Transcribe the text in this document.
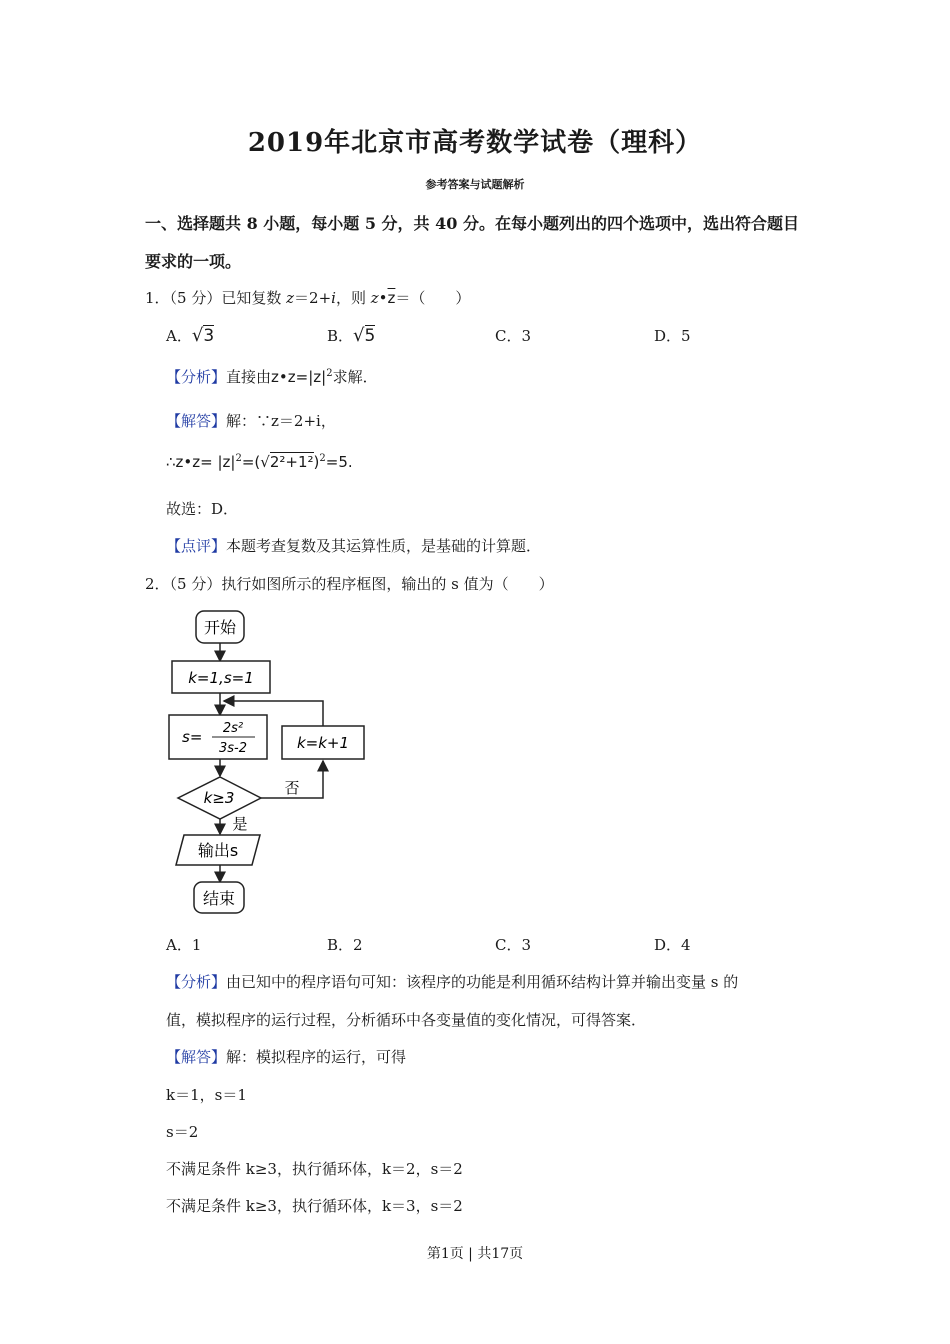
2019年北京市高考数学试卷（理科）
参考答案与试题解析
一、选择题共 8 小题，每小题 5 分，共 40 分。在每小题列出的四个选项中，选出符合题目
要求的一项。
1．（5 分）已知复数 z＝2+i，则 $z•\overline{z}=$（　　）
A．√3	B．√5	C．3	D．5
【分析】直接由$z•z=|z|^2$求解．
【解答】解：∵z＝2+i，
∴z•z= $|z|^2=(√2^2+1^2)^2=5$.
故选：D．
【点评】本题考查复数及其运算性质，是基础的计算题．
2．（5 分）执行如图所示的程序框图，输出的 s 值为（　　）
开始
k=1,s=1
s= 2s²
3s-2	k=k+1
k≥3
否
是
输出s
结束
A．1	B．2	C．3	D．4
【分析】由已知中的程序语句可知：该程序的功能是利用循环结构计算并输出变量 s 的
值，模拟程序的运行过程，分析循环中各变量值的变化情况，可得答案．
【解答】解：模拟程序的运行，可得
k＝1，s＝1
s＝2
不满足条件 k≥3，执行循环体，k＝2，s＝2
不满足条件 k≥3，执行循环体，k＝3，s＝2
第1页 | 共17页
